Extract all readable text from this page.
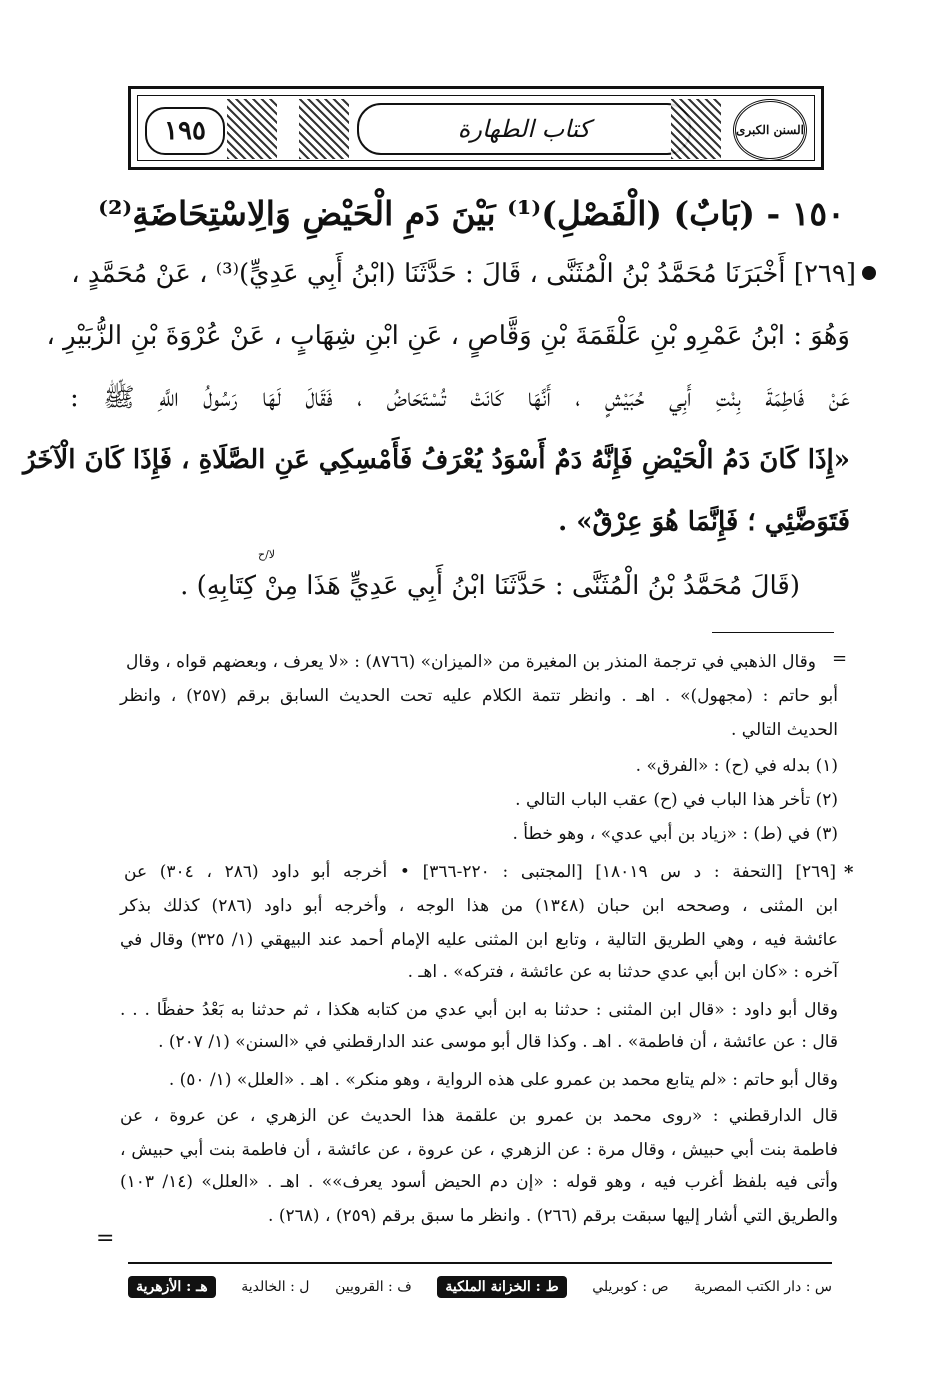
١٩٥	كتاب الطهارة	السنن الكبرى
١٥٠ - (بَابٌ) (الْفَصْلِ)⁽¹⁾ بَيْنَ دَمِ الْحَيْضِ وَالِاسْتِحَاضَةِ⁽²⁾
[٢٦٩] أَخْبَرَنَا مُحَمَّدُ بْنُ الْمُثَنَّى ، قَالَ : حَدَّثَنَا (ابْنُ أَبِي عَدِيٍّ)⁽³⁾ ، عَنْ مُحَمَّدٍ ،
وَهُوَ : ابْنُ عَمْرِو بْنِ عَلْقَمَةَ بْنِ وَقَّاصٍ ، عَنِ ابْنِ شِهَابٍ ، عَنْ عُرْوَةَ بْنِ الزُّبَيْرِ ،
عَنْ فَاطِمَةَ بِنْتِ أَبِي حُبَيْشٍ ، أَنَّهَا كَانَتْ تُسْتَحَاضُ ، فَقَالَ لَهَا رَسُولُ اللَّهِ ﷺ :
«إِذَا كَانَ دَمُ الْحَيْضِ فَإِنَّهُ دَمٌ أَسْوَدُ يُعْرَفُ فَأَمْسِكِي عَنِ الصَّلَاةِ ، فَإِذَا كَانَ الْآخَرُ
فَتَوَضَّئِي ؛ فَإِنَّمَا هُوَ عِرْقٌ» .
لا/ح
(قَالَ مُحَمَّدُ بْنُ الْمُثَنَّى : حَدَّثَنَا ابْنُ أَبِي عَدِيٍّ هَذَا مِنْ كِتَابِهِ) .
=
وقال الذهبي في ترجمة المنذر بن المغيرة من «الميزان» (٨٧٦٦) : «لا يعرف ، وبعضهم قواه ، وقال
أبو حاتم : (مجهول)» . اهـ . وانظر تتمة الكلام عليه تحت الحديث السابق برقم (٢٥٧) ، وانظر
الحديث التالي .
(١) بدله في (ح) : «الفرق» .
(٢) تأخر هذا الباب في (ح) عقب الباب التالي .
(٣) في (ط) : «زياد بن أبي عدي» ، وهو خطأ .
*
[٢٦٩] [التحفة : د س ١٨٠١٩] [المجتبى : ٢٢٠-٣٦٦] • أخرجه أبو داود (٢٨٦ ، ٣٠٤) عن
ابن المثنى ، وصححه ابن حبان (١٣٤٨) من هذا الوجه ، وأخرجه أبو داود (٢٨٦) كذلك بذكر
عائشة فيه ، وهي الطريق التالية ، وتابع ابن المثنى عليه الإمام أحمد عند البيهقي (١/ ٣٢٥) وقال في
آخره : «كان ابن أبي عدي حدثنا به عن عائشة ، فتركه» . اهـ .
وقال أبو داود : «قال ابن المثنى : حدثنا به ابن أبي عدي من كتابه هكذا ، ثم حدثنا به بَعْدُ حفظًا . . .
قال : عن عائشة ، أن فاطمة» . اهـ . وكذا قال أبو موسى عند الدارقطني في «السنن» (١/ ٢٠٧) .
وقال أبو حاتم : «لم يتابع محمد بن عمرو على هذه الرواية ، وهو منكر» . اهـ . «العلل» (١/ ٥٠) .
قال الدارقطني : «روى محمد بن عمرو بن علقمة هذا الحديث عن الزهري ، عن عروة ، عن
فاطمة بنت أبي حبيش ، وقال مرة : عن الزهري ، عن عروة ، عن عائشة ، أن فاطمة بنت أبي حبيش ،
وأتى فيه بلفظ أغرب فيه ، وهو قوله : «إن دم الحيض أسود يعرف»» . اهـ . «العلل» (١٤/ ١٠٣)
والطريق التي أشار إليها سبقت برقم (٢٦٦) . وانظر ما سبق برقم (٢٥٩) ، (٢٦٨) .
=
س : دار الكتب المصرية
ص : كوبريلي
ط : الخزانة الملكية
ف : القرويين
ل : الخالدية
هـ : الأزهرية
